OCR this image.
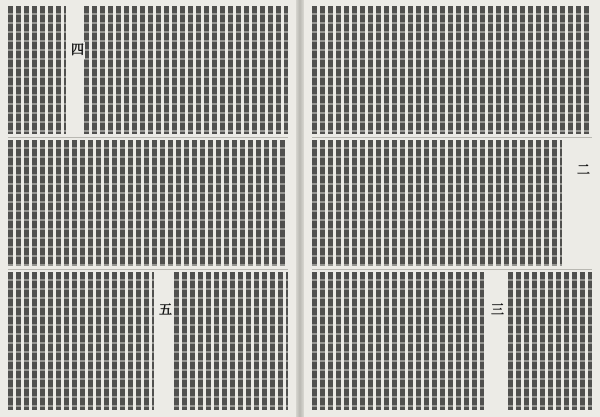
四
五
二
三
